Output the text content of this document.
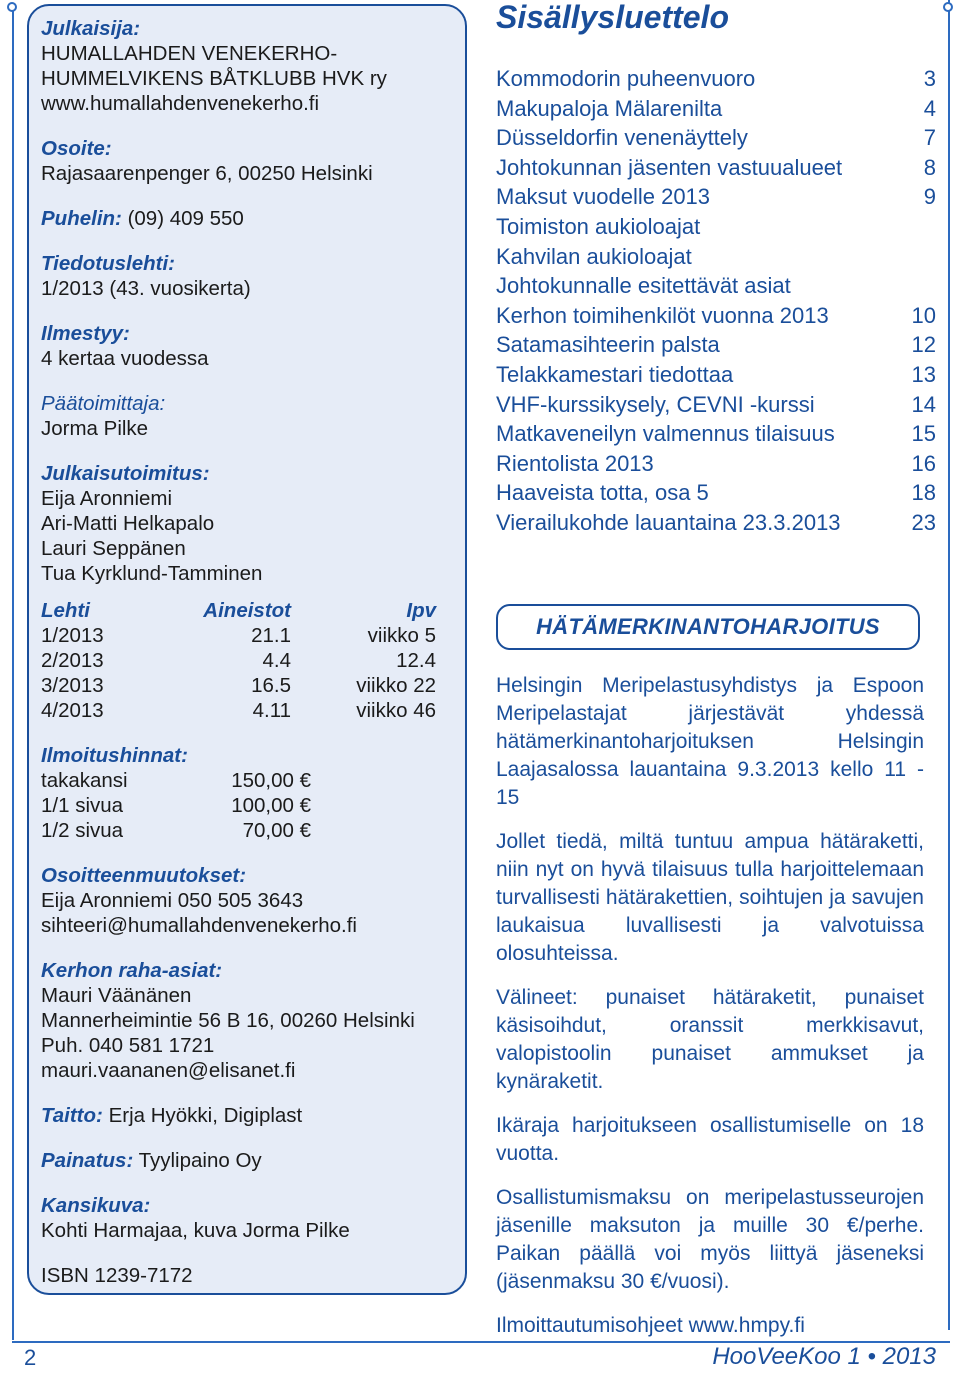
Julkaisija:
HUMALLAHDEN VENEKERHO-
HUMMELVIKENS BÅTKLUBB HVK ry
www.humallahdenvenekerho.fi
Osoite:
Rajasaarenpenger 6, 00250 Helsinki
Puhelin: (09) 409 550
Tiedotuslehti:
1/2013 (43. vuosikerta)
Ilmestyy:
4 kertaa vuodessa
Päätoimittaja:
Jorma Pilke
Julkaisutoimitus:
Eija Aronniemi
Ari-Matti Helkapalo
Lauri Seppänen
Tua Kyrklund-Tamminen
Lehti	Aineistot	Ipv
1/2013	21.1	viikko 5
2/2013	4.4	12.4
3/2013	16.5	viikko 22
4/2013	4.11	viikko 46
Ilmoitushinnat:
takakansi	150,00 €
1/1 sivua	100,00 €
1/2 sivua	70,00 €
Osoitteenmuutokset:
Eija Aronniemi 050 505 3643
sihteeri@humallahdenvenekerho.fi
Kerhon raha-asiat:
Mauri Väänänen
Mannerheimintie 56 B 16, 00260 Helsinki
Puh. 040 581 1721
mauri.vaananen@elisanet.fi
Taitto: Erja Hyökki, Digiplast
Painatus: Tyylipaino Oy
Kansikuva:
Kohti Harmajaa, kuva Jorma Pilke
ISBN 1239-7172
Sisällysluettelo
Kommodorin puheenvuoro	3
Makupaloja Mälarenilta	4
Düsseldorfin venenäyttely	7
Johtokunnan jäsenten vastuualueet	8
Maksut vuodelle 2013	9
Toimiston aukioloajat
Kahvilan aukioloajat
Johtokunnalle esitettävät asiat
Kerhon toimihenkilöt vuonna 2013	10
Satamasihteerin palsta	12
Telakkamestari tiedottaa	13
VHF-kurssikysely, CEVNI -kurssi	14
Matkaveneilyn valmennus tilaisuus	15
Rientolista 2013	16
Haaveista totta, osa 5	18
Vierailukohde lauantaina 23.3.2013	23
HÄTÄMERKINANTOHARJOITUS

Helsingin Meripelastusyhdistys ja Espoon Meripelastajat järjestävät yhdessä hätämerkinantoharjoituksen Helsingin Laajasalossa lauantaina 9.3.2013 kello 11 - 15

Jollet tiedä, miltä tuntuu ampua hätäraketti, niin nyt on hyvä tilaisuus tulla harjoittelemaan turvallisesti hätärakettien, soihtujen ja savujen laukaisua luvallisesti ja valvotuissa olosuhteissa.

Välineet: punaiset hätäraketit, punaiset käsisoihdut, oranssit merkkisavut, valopistoolin punaiset ammukset ja kynäraketit.

Ikäraja harjoitukseen osallistumiselle on 18 vuotta.

Osallistumismaksu on meripelastusseurojen jäsenille maksuton ja muille 30 €/perhe. Paikan päällä voi myös liittyä jäseneksi (jäsenmaksu 30 €/vuosi).

Ilmoittautumisohjeet www.hmpy.fi

2	HooVeeKoo 1 • 2013
